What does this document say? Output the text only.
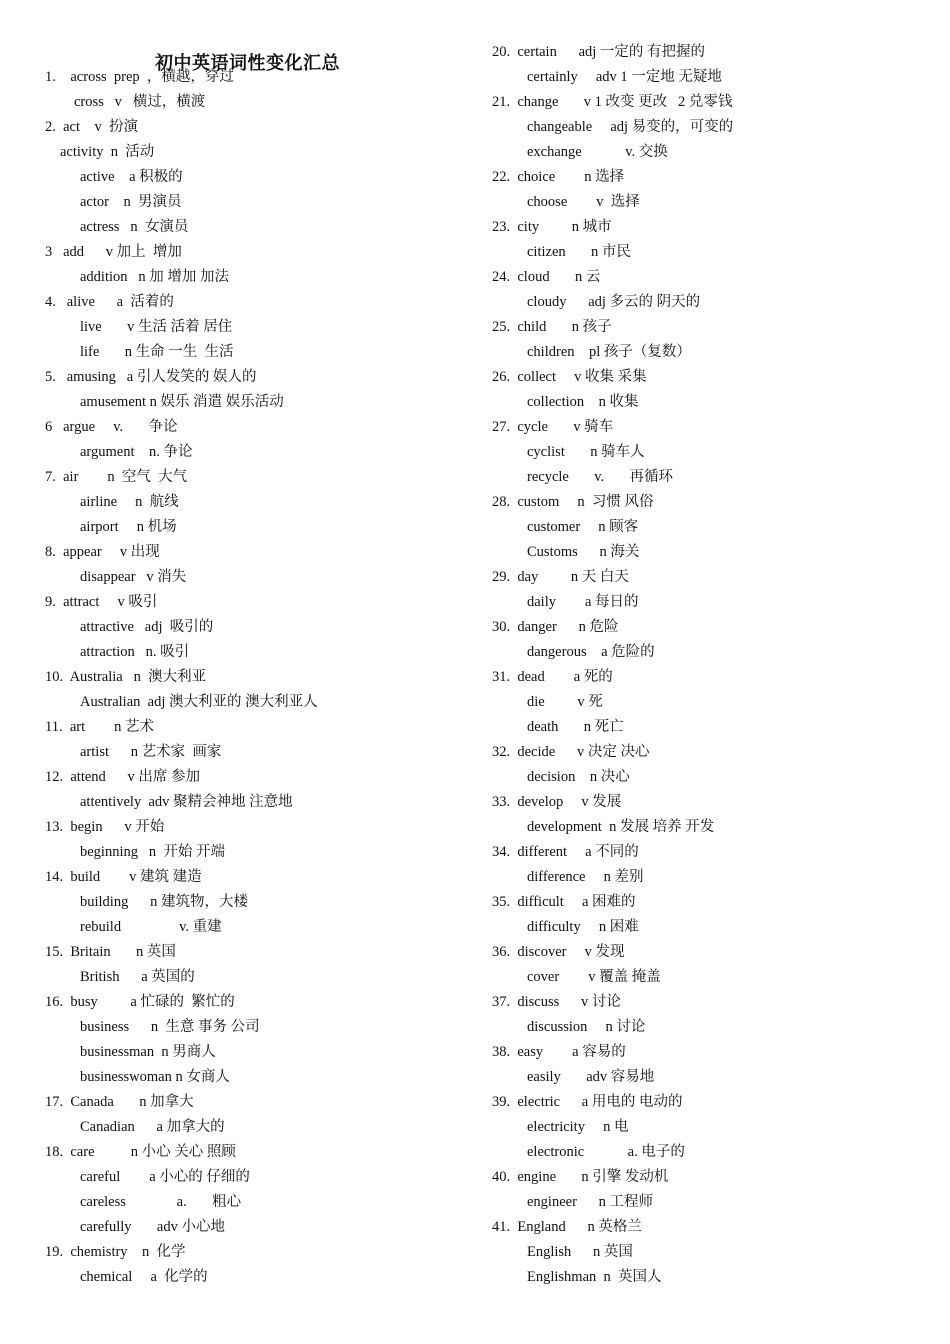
初中英语词性变化汇总
1.    across  prep  ，横越，穿过
cross   v   横过，横渡
2.  act    v  扮演
activity  n  活动
active    a 积极的
actor    n  男演员
actress   n  女演员
3   add      v 加上  增加
addition   n 加 增加 加法
4.   alive      a  活着的
live       v 生活 活着 居住
life       n 生命 一生  生活
5.   amusing   a 引人发笑的 娱人的
amusement n 娱乐 消遣 娱乐活动
6   argue     v.       争论
argument    n. 争论
7.  air        n  空气  大气
airline     n  航线
airport     n 机场
8.  appear     v 出现
disappear   v 消失
9.  attract     v 吸引
attractive   adj  吸引的
attraction   n. 吸引
10.  Australia   n  澳大利亚
Australian  adj 澳大利亚的 澳大利亚人
11.  art        n 艺术
artist      n 艺术家  画家
12.  attend      v 出席 参加
attentively  adv 聚精会神地 注意地
13.  begin      v 开始
beginning   n  开始 开端
14.  build        v 建筑 建造
building      n 建筑物，大楼
rebuild                v. 重建
15.  Britain       n 英国
British      a 英国的
16.  busy         a 忙碌的  繁忙的
business      n  生意 事务 公司
businessman  n 男商人
businesswoman n 女商人
17.  Canada       n 加拿大
Canadian      a 加拿大的
18.  care          n 小心 关心 照顾
careful        a 小心的 仔细的
careless              a.       粗心
carefully       adv 小心地
19.  chemistry    n  化学
chemical     a  化学的
20.  certain      adj 一定的 有把握的
certainly     adv 1 一定地 无疑地
21.  change       v 1 改变 更改   2 兑零钱
changeable     adj 易变的，可变的
exchange            v. 交换
22.  choice        n 选择
choose        v  选择
23.  city         n 城市
citizen       n 市民
24.  cloud       n 云
cloudy      adj 多云的 阴天的
25.  child       n 孩子
children    pl 孩子（复数）
26.  collect     v 收集 采集
collection    n 收集
27.  cycle       v 骑车
cyclist       n 骑车人
recycle       v.       再循环
28.  custom     n  习惯 风俗
customer     n 顾客
Customs      n 海关
29.  day         n 天 白天
daily        a 每日的
30.  danger      n 危险
dangerous    a 危险的
31.  dead        a 死的
die         v 死
death       n 死亡
32.  decide      v 决定 决心
decision    n 决心
33.  develop     v 发展
development  n 发展 培养 开发
34.  different     a 不同的
difference     n 差别
35.  difficult     a 困难的
difficulty     n 困难
36.  discover     v 发现
cover        v 覆盖 掩盖
37.  discuss      v 讨论
discussion     n 讨论
38.  easy        a 容易的
easily       adv 容易地
39.  electric      a 用电的 电动的
electricity     n 电
electronic            a. 电子的
40.  engine       n 引擎 发动机
engineer      n 工程师
41.  England      n 英格兰
English      n 英国
Englishman  n  英国人
